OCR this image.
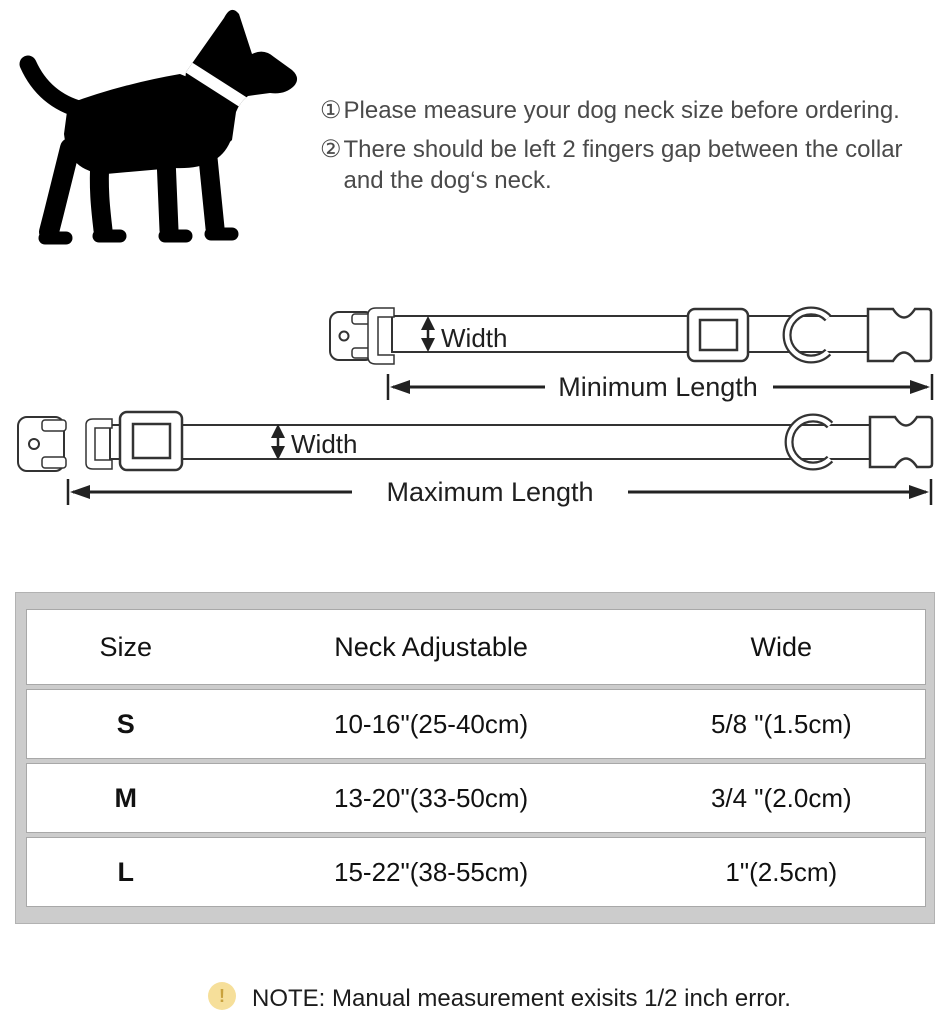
① Please measure your dog neck size before ordering.
② There should be left 2 fingers gap between the collar and the dog‘s neck.
Width
Minimum Length
Width
Maximum Length
Size	Neck Adjustable	Wide
S	10-16"(25-40cm)	5/8 "(1.5cm)
M	13-20"(33-50cm)	3/4 "(2.0cm)
L	15-22"(38-55cm)	1"(2.5cm)
!	NOTE: Manual measurement exisits 1/2 inch error.
